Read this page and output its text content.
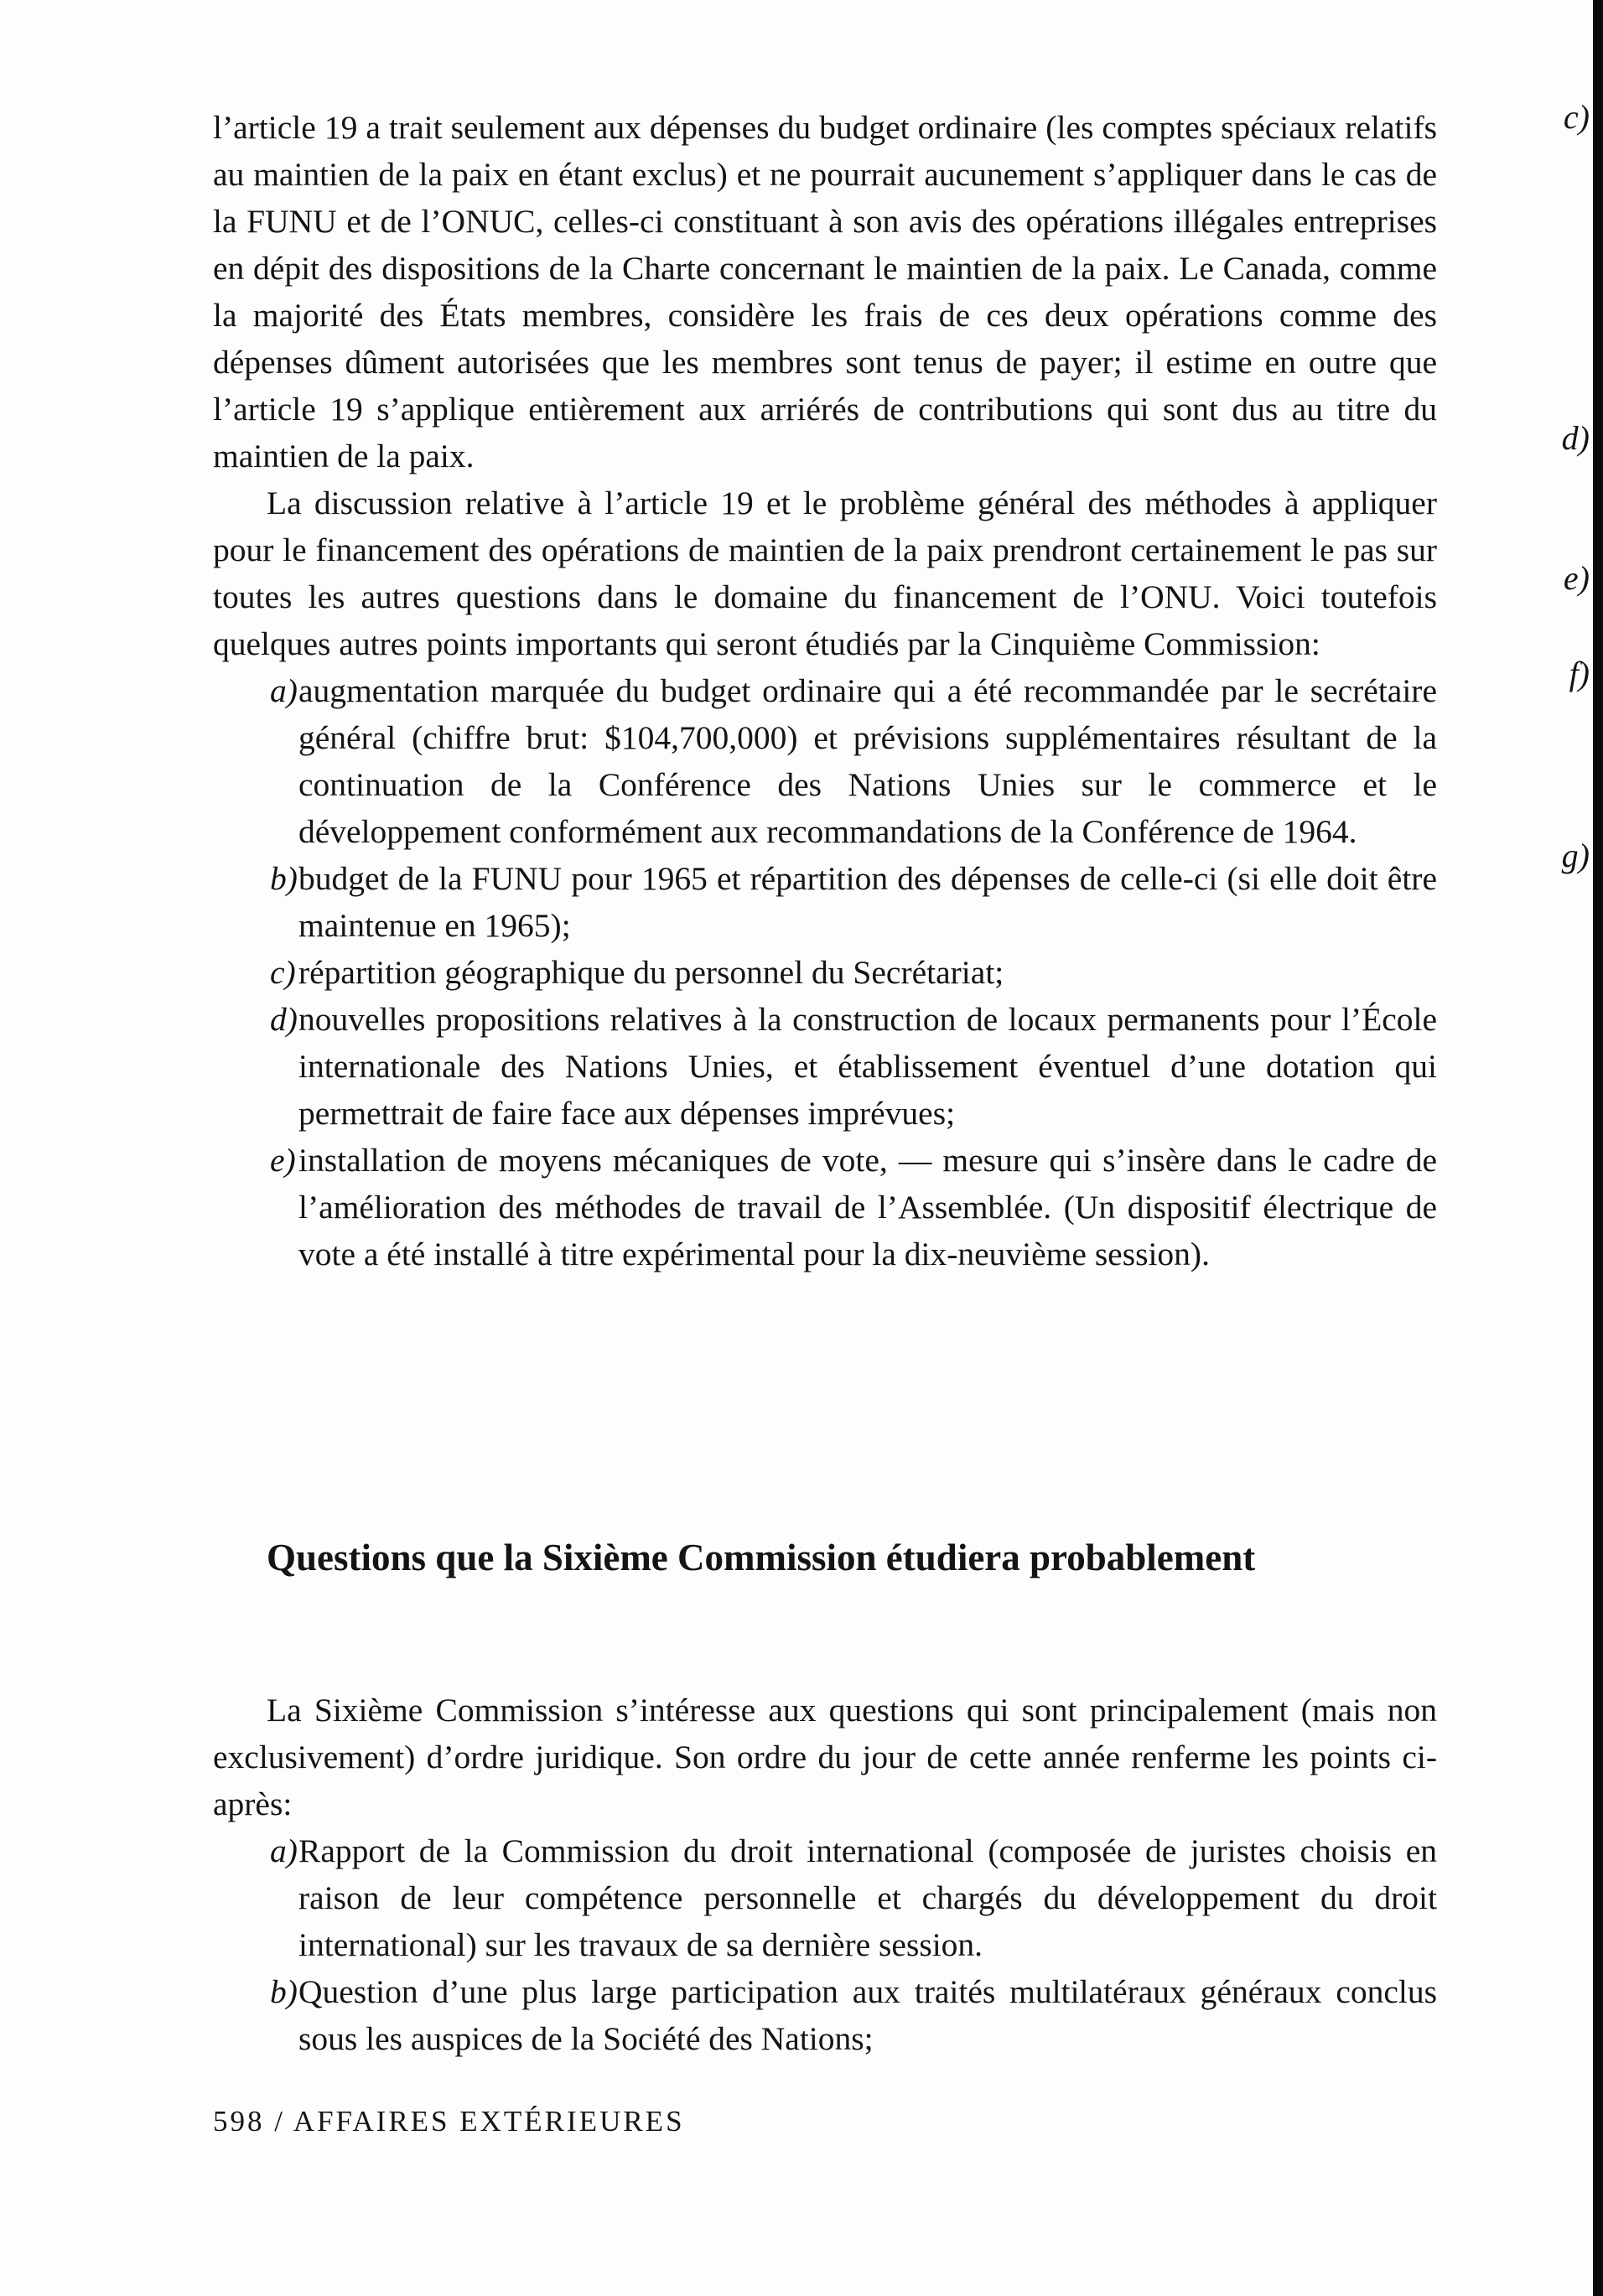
l’article 19 a trait seulement aux dépenses du budget ordinaire (les comptes spéciaux relatifs au maintien de la paix en étant exclus) et ne pourrait aucunement s’appliquer dans le cas de la FUNU et de l’ONUC, celles-ci constituant à son avis des opérations illégales entreprises en dépit des dispositions de la Charte concernant le maintien de la paix. Le Canada, comme la majorité des États membres, considère les frais de ces deux opérations comme des dépenses dûment autorisées que les membres sont tenus de payer; il estime en outre que l’article 19 s’applique entièrement aux arriérés de contributions qui sont dus au titre du maintien de la paix.

La discussion relative à l’article 19 et le problème général des méthodes à appliquer pour le financement des opérations de maintien de la paix prendront certainement le pas sur toutes les autres questions dans le domaine du financement de l’ONU. Voici toutefois quelques autres points importants qui seront étudiés par la Cinquième Commission:

a) augmentation marquée du budget ordinaire qui a été recommandée par le secrétaire général (chiffre brut: $104,700,000) et prévisions supplémentaires résultant de la continuation de la Conférence des Nations Unies sur le commerce et le développement conformément aux recommandations de la Conférence de 1964.
b) budget de la FUNU pour 1965 et répartition des dépenses de celle-ci (si elle doit être maintenue en 1965);
c) répartition géographique du personnel du Secrétariat;
d) nouvelles propositions relatives à la construction de locaux permanents pour l’École internationale des Nations Unies, et établissement éventuel d’une dotation qui permettrait de faire face aux dépenses imprévues;
e) installation de moyens mécaniques de vote, — mesure qui s’insère dans le cadre de l’amélioration des méthodes de travail de l’Assemblée. (Un dispositif électrique de vote a été installé à titre expérimental pour la dix-neuvième session).
Questions que la Sixième Commission étudiera probablement

La Sixième Commission s’intéresse aux questions qui sont principalement (mais non exclusivement) d’ordre juridique. Son ordre du jour de cette année renferme les points ci-après:

a) Rapport de la Commission du droit international (composée de juristes choisis en raison de leur compétence personnelle et chargés du développement du droit international) sur les travaux de sa dernière session.
b) Question d’une plus large participation aux traités multilatéraux généraux conclus sous les auspices de la Société des Nations;

598 / AFFAIRES EXTÉRIEURES

c)
d)
e)
f)
g)
